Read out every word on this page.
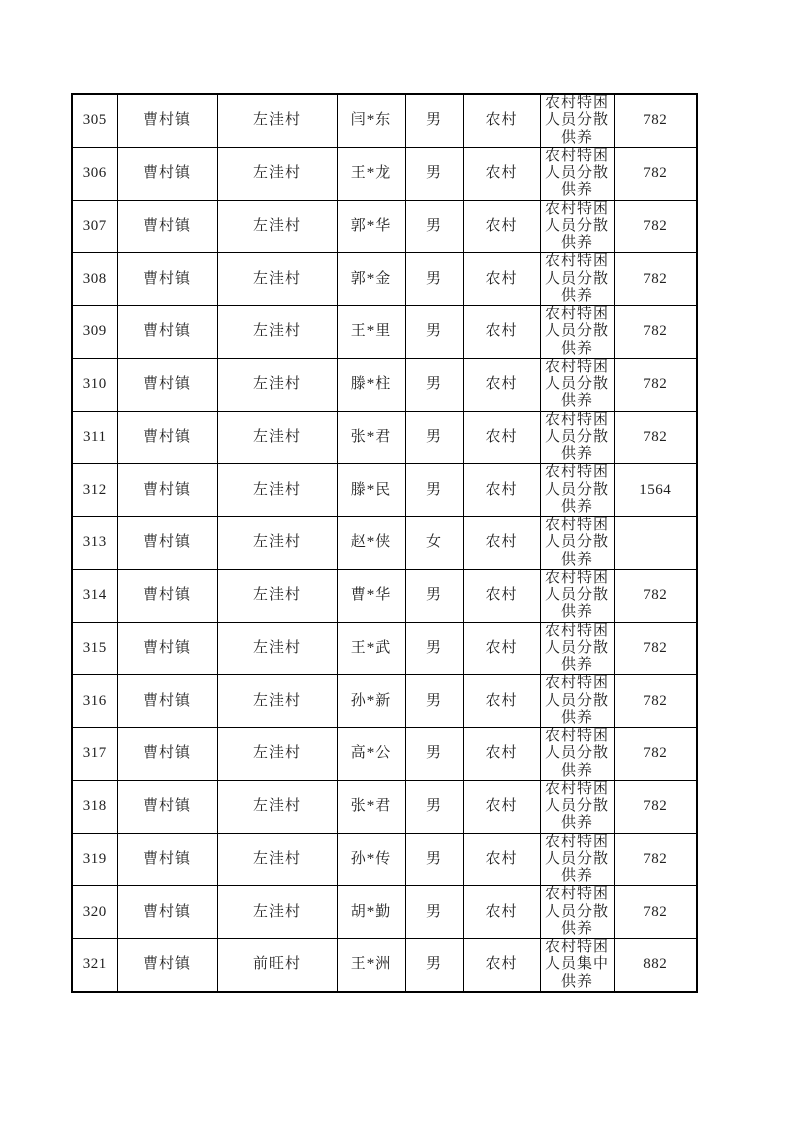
305	曹村镇	左洼村	闫*东	男	农村	农村特困人员分散供养	782
306	曹村镇	左洼村	王*龙	男	农村	农村特困人员分散供养	782
307	曹村镇	左洼村	郭*华	男	农村	农村特困人员分散供养	782
308	曹村镇	左洼村	郭*金	男	农村	农村特困人员分散供养	782
309	曹村镇	左洼村	王*里	男	农村	农村特困人员分散供养	782
310	曹村镇	左洼村	滕*柱	男	农村	农村特困人员分散供养	782
311	曹村镇	左洼村	张*君	男	农村	农村特困人员分散供养	782
312	曹村镇	左洼村	滕*民	男	农村	农村特困人员分散供养	1564
313	曹村镇	左洼村	赵*侠	女	农村	农村特困人员分散供养	
314	曹村镇	左洼村	曹*华	男	农村	农村特困人员分散供养	782
315	曹村镇	左洼村	王*武	男	农村	农村特困人员分散供养	782
316	曹村镇	左洼村	孙*新	男	农村	农村特困人员分散供养	782
317	曹村镇	左洼村	高*公	男	农村	农村特困人员分散供养	782
318	曹村镇	左洼村	张*君	男	农村	农村特困人员分散供养	782
319	曹村镇	左洼村	孙*传	男	农村	农村特困人员分散供养	782
320	曹村镇	左洼村	胡*勤	男	农村	农村特困人员分散供养	782
321	曹村镇	前旺村	王*洲	男	农村	农村特困人员集中供养	882
